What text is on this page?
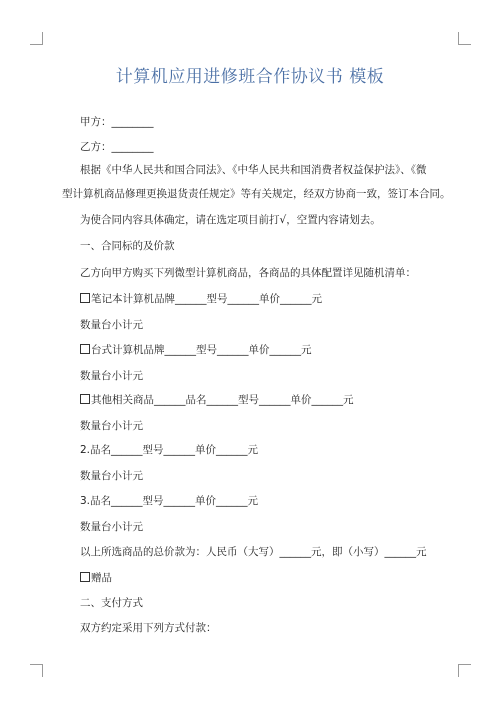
计算机应用进修班合作协议书 模板
甲方：________
乙方：________
根据《中华人民共和国合同法》、《中华人民共和国消费者权益保护法》、《微
型计算机商品修理更换退货责任规定》等有关规定，经双方协商一致，签订本合同。
为使合同内容具体确定，请在选定项目前打√，空置内容请划去。
一、合同标的及价款
乙方向甲方购买下列微型计算机商品，各商品的具体配置详见随机清单：
笔记本计算机品牌______型号______单价______元
数量台小计元
台式计算机品牌______型号______单价______元
数量台小计元
其他相关商品______品名______型号______单价______元
数量台小计元
2.品名______型号______单价______元
数量台小计元
3.品名______型号______单价______元
数量台小计元
以上所选商品的总价款为：人民币（大写）______元，即（小写）______元
赠品
二、支付方式
双方约定采用下列方式付款：
